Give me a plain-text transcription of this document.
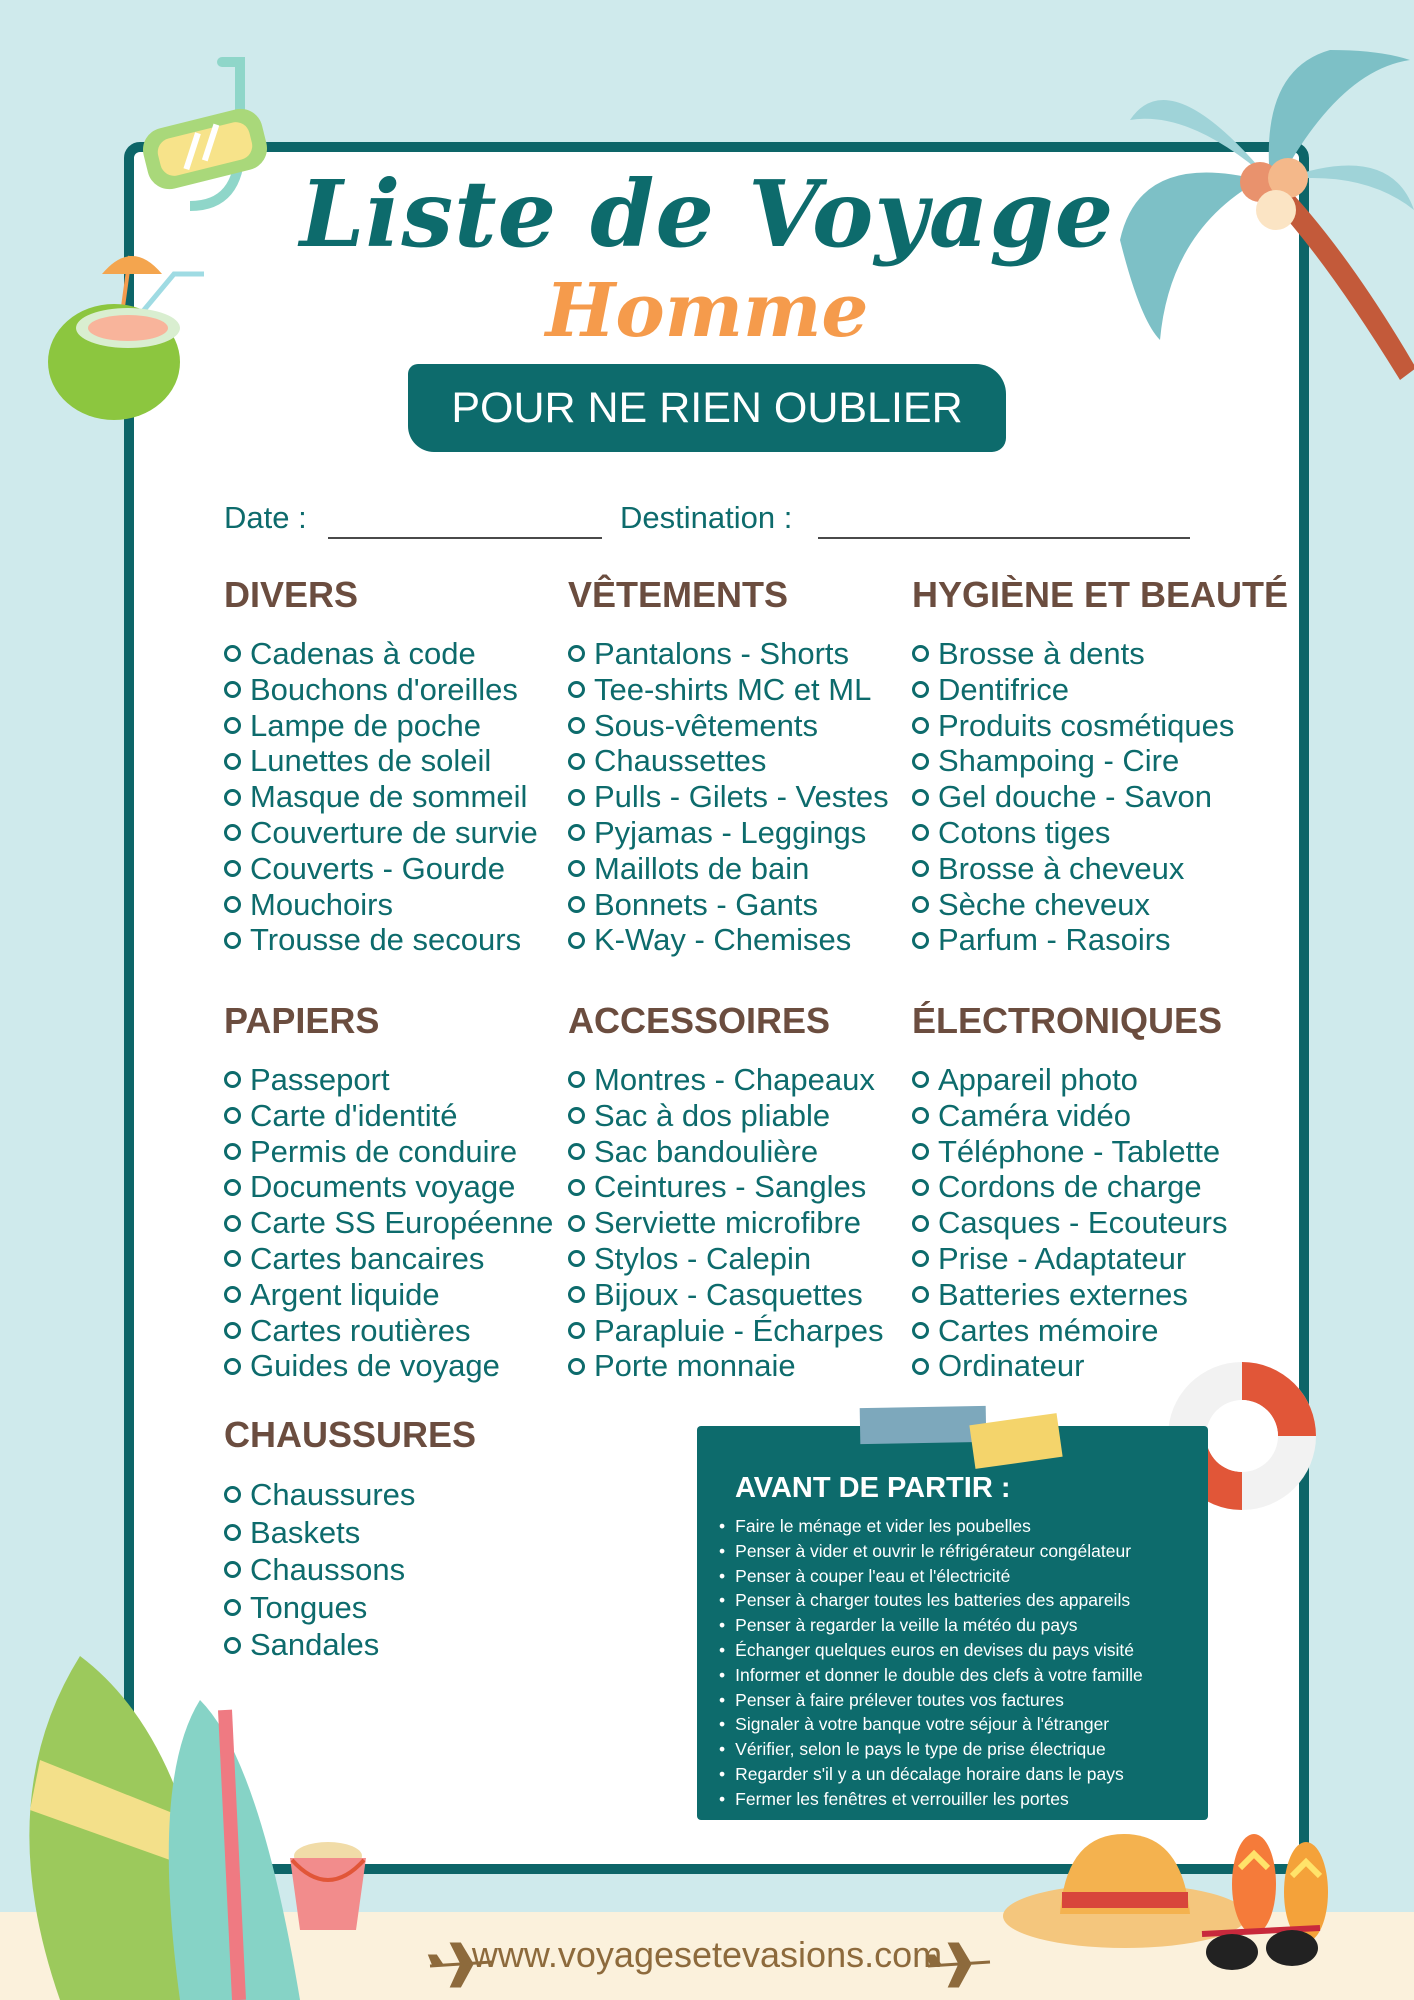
Liste de Voyage
Homme
POUR NE RIEN OUBLIER
Date :	Destination :
DIVERS
Cadenas à code
Bouchons d'oreilles
Lampe de poche
Lunettes de soleil
Masque de sommeil
Couverture de survie
Couverts - Gourde
Mouchoirs
Trousse de secours
VÊTEMENTS
Pantalons - Shorts
Tee-shirts MC et ML
Sous-vêtements
Chaussettes
Pulls - Gilets - Vestes
Pyjamas - Leggings
Maillots de bain
Bonnets - Gants
K-Way - Chemises
HYGIÈNE ET BEAUTÉ
Brosse à dents
Dentifrice
Produits cosmétiques
Shampoing - Cire
Gel douche - Savon
Cotons tiges
Brosse à cheveux
Sèche cheveux
Parfum - Rasoirs
PAPIERS
Passeport
Carte d'identité
Permis de conduire
Documents voyage
Carte SS Européenne
Cartes bancaires
Argent liquide
Cartes routières
Guides de voyage
ACCESSOIRES
Montres - Chapeaux
Sac à dos pliable
Sac bandoulière
Ceintures - Sangles
Serviette microfibre
Stylos - Calepin
Bijoux - Casquettes
Parapluie - Écharpes
Porte monnaie
ÉLECTRONIQUES
Appareil photo
Caméra vidéo
Téléphone - Tablette
Cordons de charge
Casques - Ecouteurs
Prise - Adaptateur
Batteries externes
Cartes mémoire
Ordinateur
CHAUSSURES
Chaussures
Baskets
Chaussons
Tongues
Sandales
AVANT DE PARTIR :
• Faire le ménage et vider les poubelles
• Penser à vider et ouvrir le réfrigérateur congélateur
• Penser à couper l'eau et l'électricité
• Penser à charger toutes les batteries des appareils
• Penser à regarder la veille la météo du pays
• Échanger quelques euros en devises du pays visité
• Informer et donner le double des clefs à votre famille
• Penser à faire prélever toutes vos factures
• Signaler à votre banque votre séjour à l'étranger
• Vérifier, selon le pays le type de prise électrique
• Regarder s'il y a un décalage horaire dans le pays
• Fermer les fenêtres et verrouiller les portes
www.voyagesetevasions.com
